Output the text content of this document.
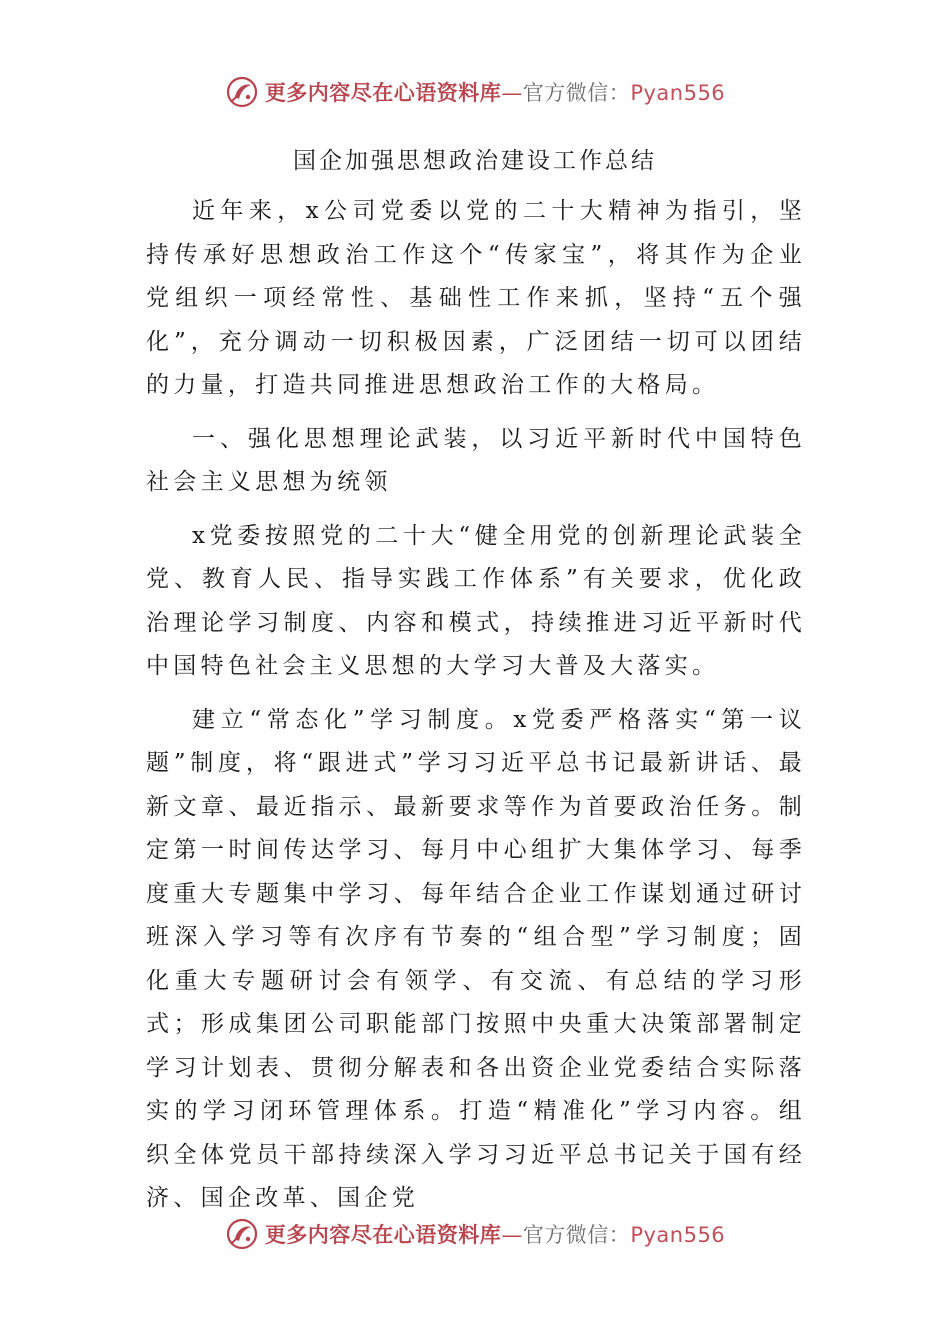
更多内容尽在心语资料库—官方微信：Pyan556
国企加强思想政治建设工作总结

近年来，x公司党委以党的二十大精神为指引，坚持传承好思想政治工作这个“传家宝”，将其作为企业党组织一项经常性、基础性工作来抓，坚持“五个强化”，充分调动一切积极因素，广泛团结一切可以团结的力量，打造共同推进思想政治工作的大格局。

一、强化思想理论武装，以习近平新时代中国特色社会主义思想为统领

x党委按照党的二十大“健全用党的创新理论武装全党、教育人民、指导实践工作体系”有关要求，优化政治理论学习制度、内容和模式，持续推进习近平新时代中国特色社会主义思想的大学习大普及大落实。

建立“常态化”学习制度。x党委严格落实“第一议题”制度，将“跟进式”学习习近平总书记最新讲话、最新文章、最近指示、最新要求等作为首要政治任务。制定第一时间传达学习、每月中心组扩大集体学习、每季度重大专题集中学习、每年结合企业工作谋划通过研讨班深入学习等有次序有节奏的“组合型”学习制度；固化重大专题研讨会有领学、有交流、有总结的学习形式；形成集团公司职能部门按照中央重大决策部署制定学习计划表、贯彻分解表和各出资企业党委结合实际落实的学习闭环管理体系。打造“精准化”学习内容。组织全体党员干部持续深入学习习近平总书记关于国有经济、国企改革、国企党

更多内容尽在心语资料库—官方微信：Pyan556
